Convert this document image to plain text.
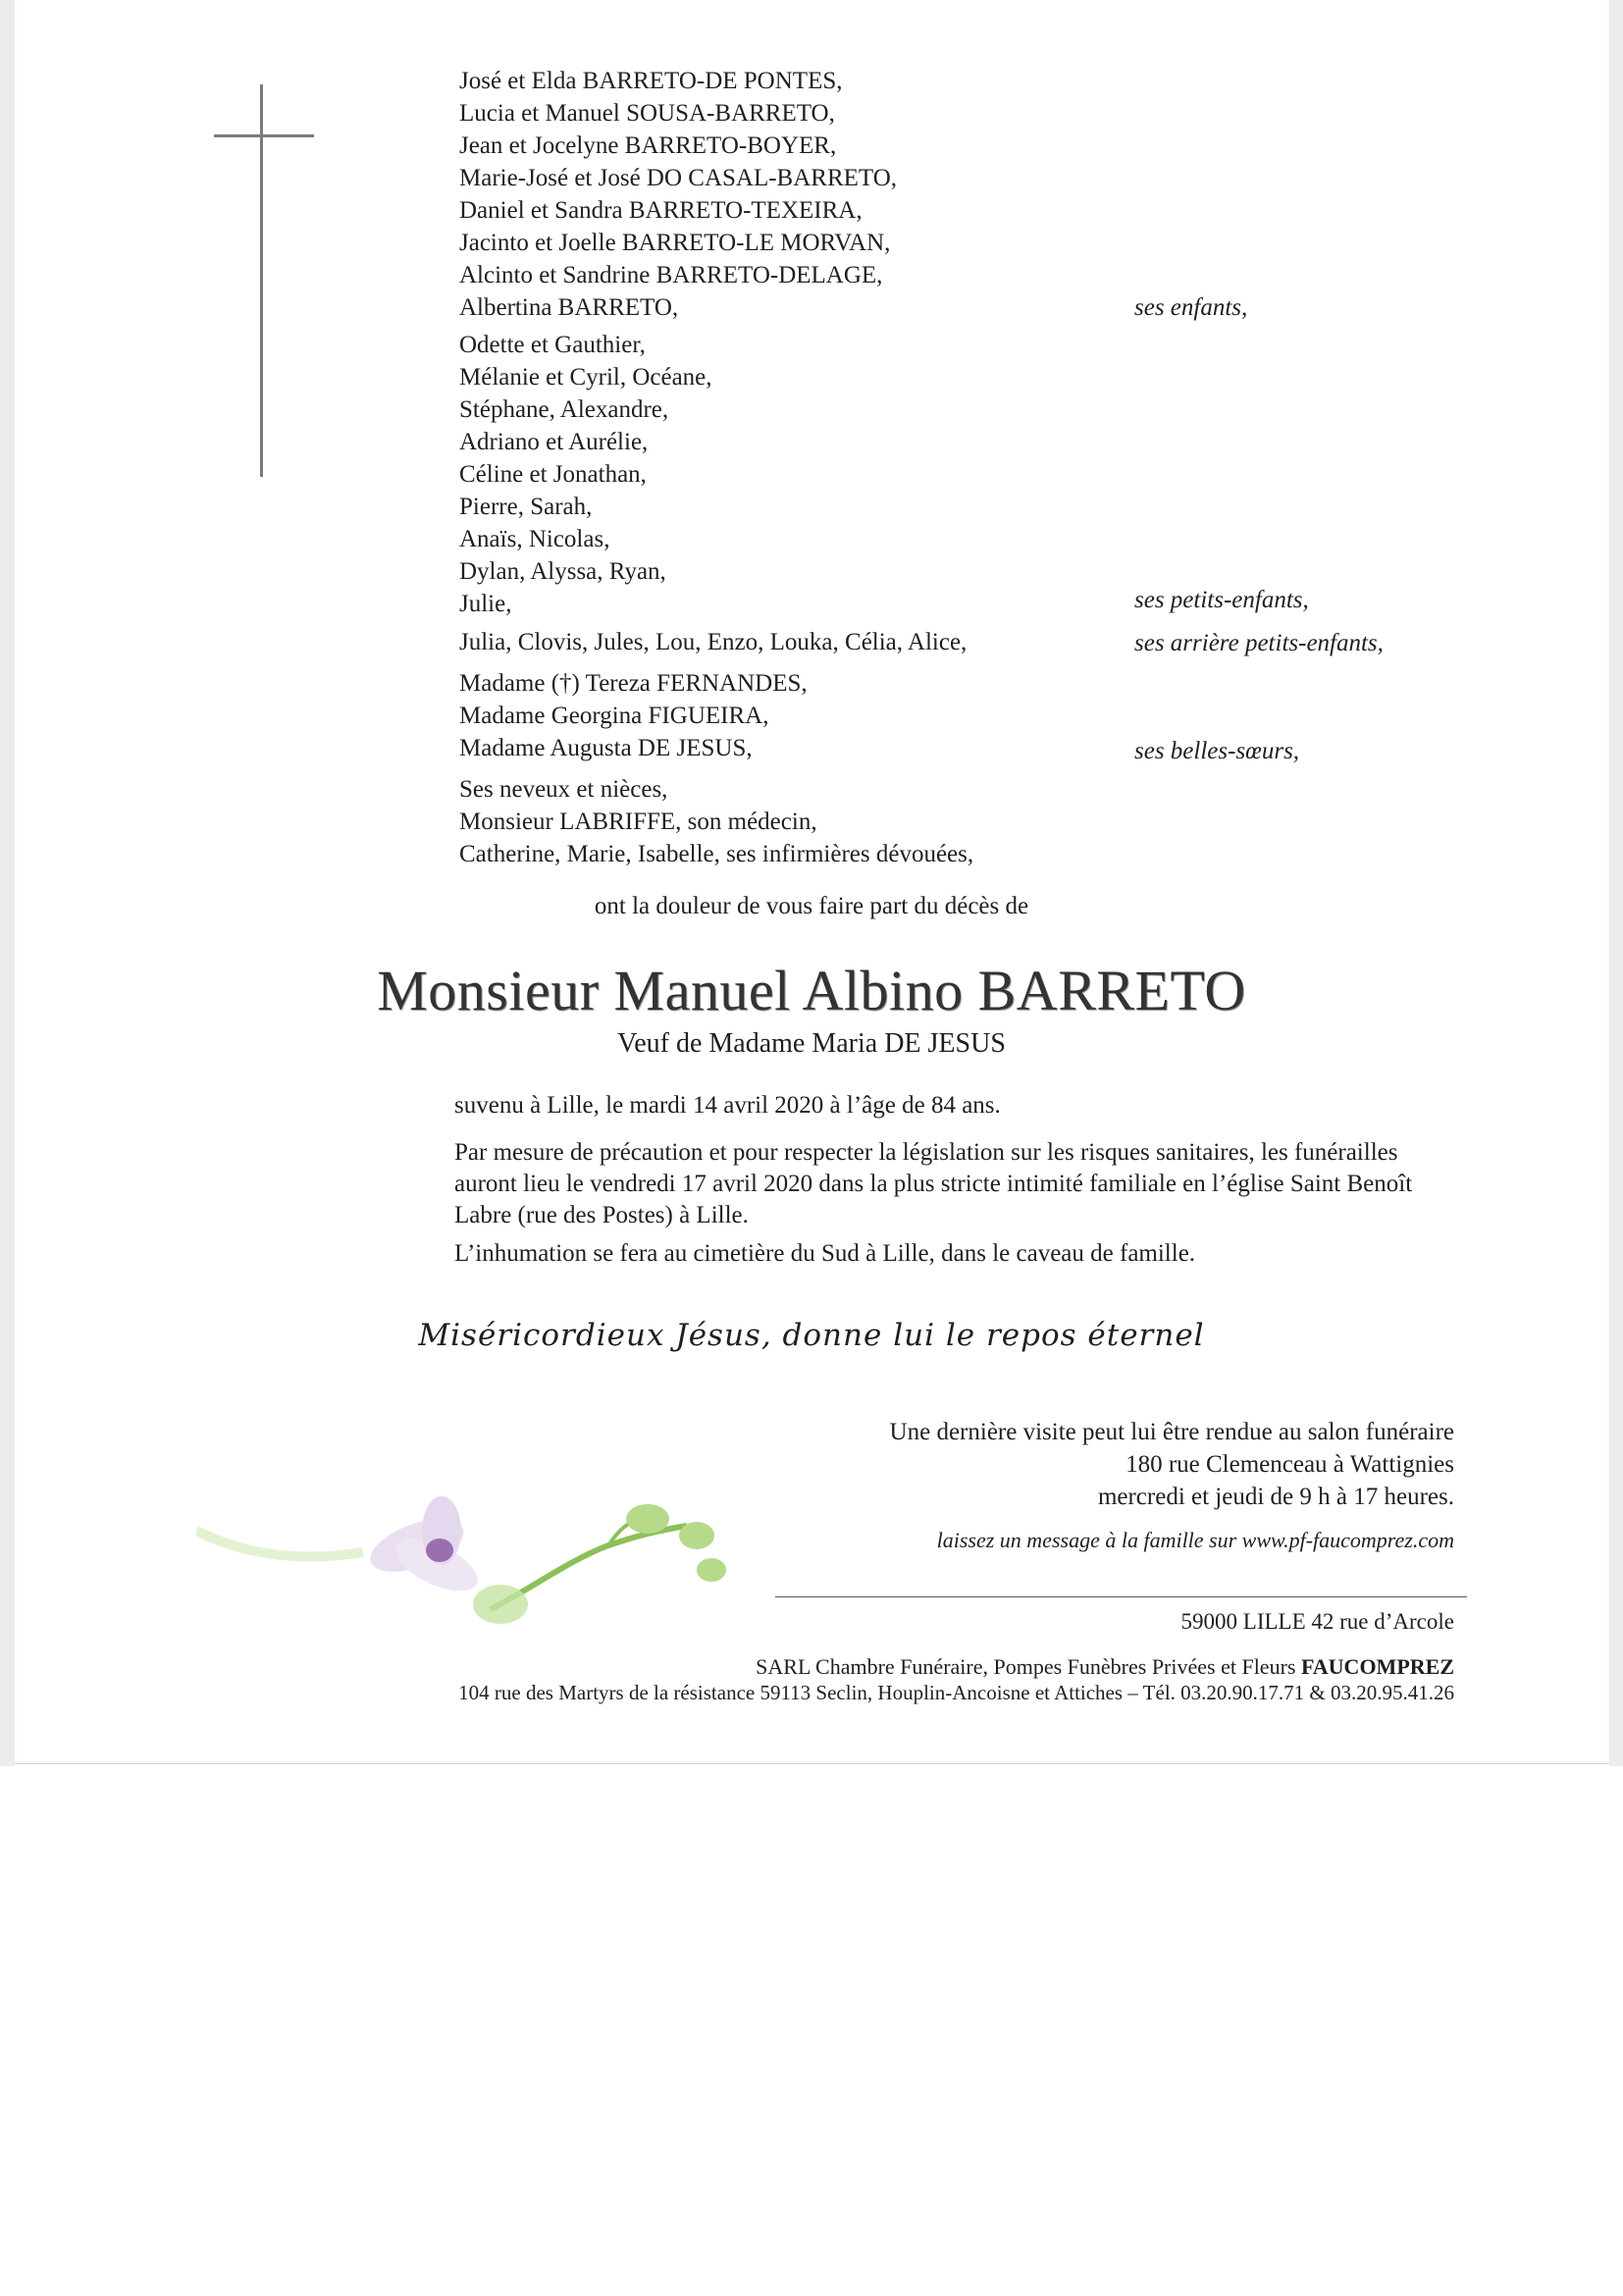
José et Elda BARRETO-DE PONTES,
Lucia et Manuel SOUSA-BARRETO,
Jean et Jocelyne BARRETO-BOYER,
Marie-José et José DO CASAL-BARRETO,
Daniel et Sandra BARRETO-TEXEIRA,
Jacinto et Joelle BARRETO-LE MORVAN,
Alcinto et Sandrine BARRETO-DELAGE,
Albertina BARRETO,	ses enfants,
Odette et Gauthier,
Mélanie et Cyril, Océane,
Stéphane, Alexandre,
Adriano et Aurélie,
Céline et Jonathan,
Pierre, Sarah,
Anaïs, Nicolas,
Dylan, Alyssa, Ryan,
Julie,	ses petits-enfants,
Julia, Clovis, Jules, Lou, Enzo, Louka, Célia, Alice,	ses arrière petits-enfants,
Madame (†) Tereza FERNANDES,
Madame Georgina FIGUEIRA,
Madame Augusta DE JESUS,	ses belles-sœurs,
Ses neveux et nièces,
Monsieur LABRIFFE, son médecin,
Catherine, Marie, Isabelle, ses infirmières dévouées,
ont la douleur de vous faire part du décès de
Monsieur Manuel Albino BARRETO
Veuf de Madame Maria DE JESUS
suvenu à Lille, le mardi 14 avril 2020 à l’âge de 84 ans.
Par mesure de précaution et pour respecter la législation sur les risques sanitaires, les funérailles auront lieu le vendredi 17 avril 2020 dans la plus stricte intimité familiale en l’église Saint Benoît Labre (rue des Postes) à Lille.
L’inhumation se fera au cimetière du Sud à Lille, dans le caveau de famille.
Miséricordieux Jésus, donne lui le repos éternel
Une dernière visite peut lui être rendue au salon funéraire
180 rue Clemenceau à Wattignies
mercredi et jeudi de 9 h à 17 heures.
laissez un message à la famille sur www.pf-faucomprez.com
59000 LILLE 42 rue d’Arcole
SARL Chambre Funéraire, Pompes Funèbres Privées et Fleurs FAUCOMPREZ
104 rue des Martyrs de la résistance 59113 Seclin, Houplin-Ancoisne et Attiches – Tél. 03.20.90.17.71 & 03.20.95.41.26
